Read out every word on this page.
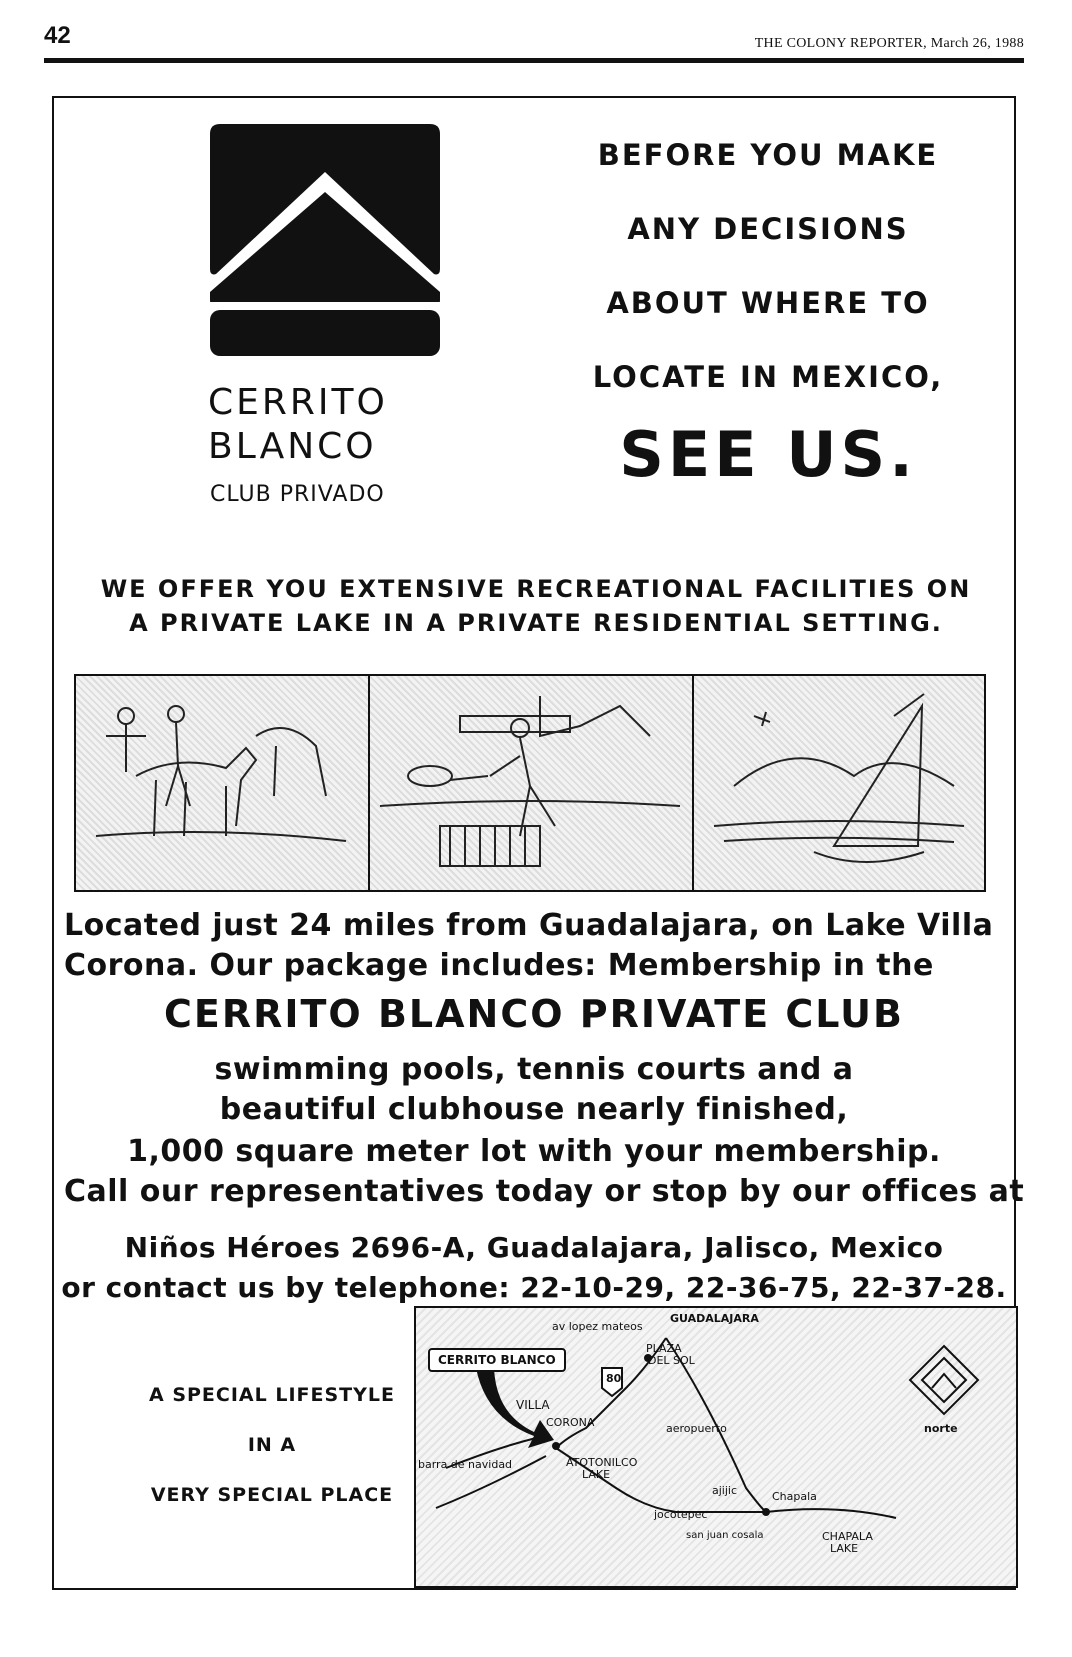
42	THE COLONY REPORTER, March 26, 1988
CERRITO
BLANCO
CLUB PRIVADO
BEFORE YOU MAKE
ANY DECISIONS
ABOUT WHERE TO
LOCATE IN MEXICO,
SEE US.
WE OFFER YOU EXTENSIVE RECREATIONAL FACILITIES ON
A PRIVATE LAKE IN A PRIVATE RESIDENTIAL SETTING.
Located just 24 miles from Guadalajara, on Lake Villa
Corona. Our package includes: Membership in the
CERRITO BLANCO PRIVATE CLUB
swimming pools, tennis courts and a
beautiful clubhouse nearly finished,
1,000 square meter lot with your membership.
Call our representatives today or stop by our offices at
Niños Héroes 2696-A, Guadalajara, Jalisco, Mexico
or contact us by telephone: 22-10-29, 22-36-75, 22-37-28.
A SPECIAL LIFESTYLE
IN A
VERY SPECIAL PLACE
CERRITO BLANCO
av lopez mateos
GUADALAJARA
PLAZA
DEL SOL
80
VILLA
CORONA	aeropuerto	norte
barra de navidad	ATOTONILCO
LAKE
ajijic	Chapala
jocotepec
san juan cosala	CHAPALA
LAKE
